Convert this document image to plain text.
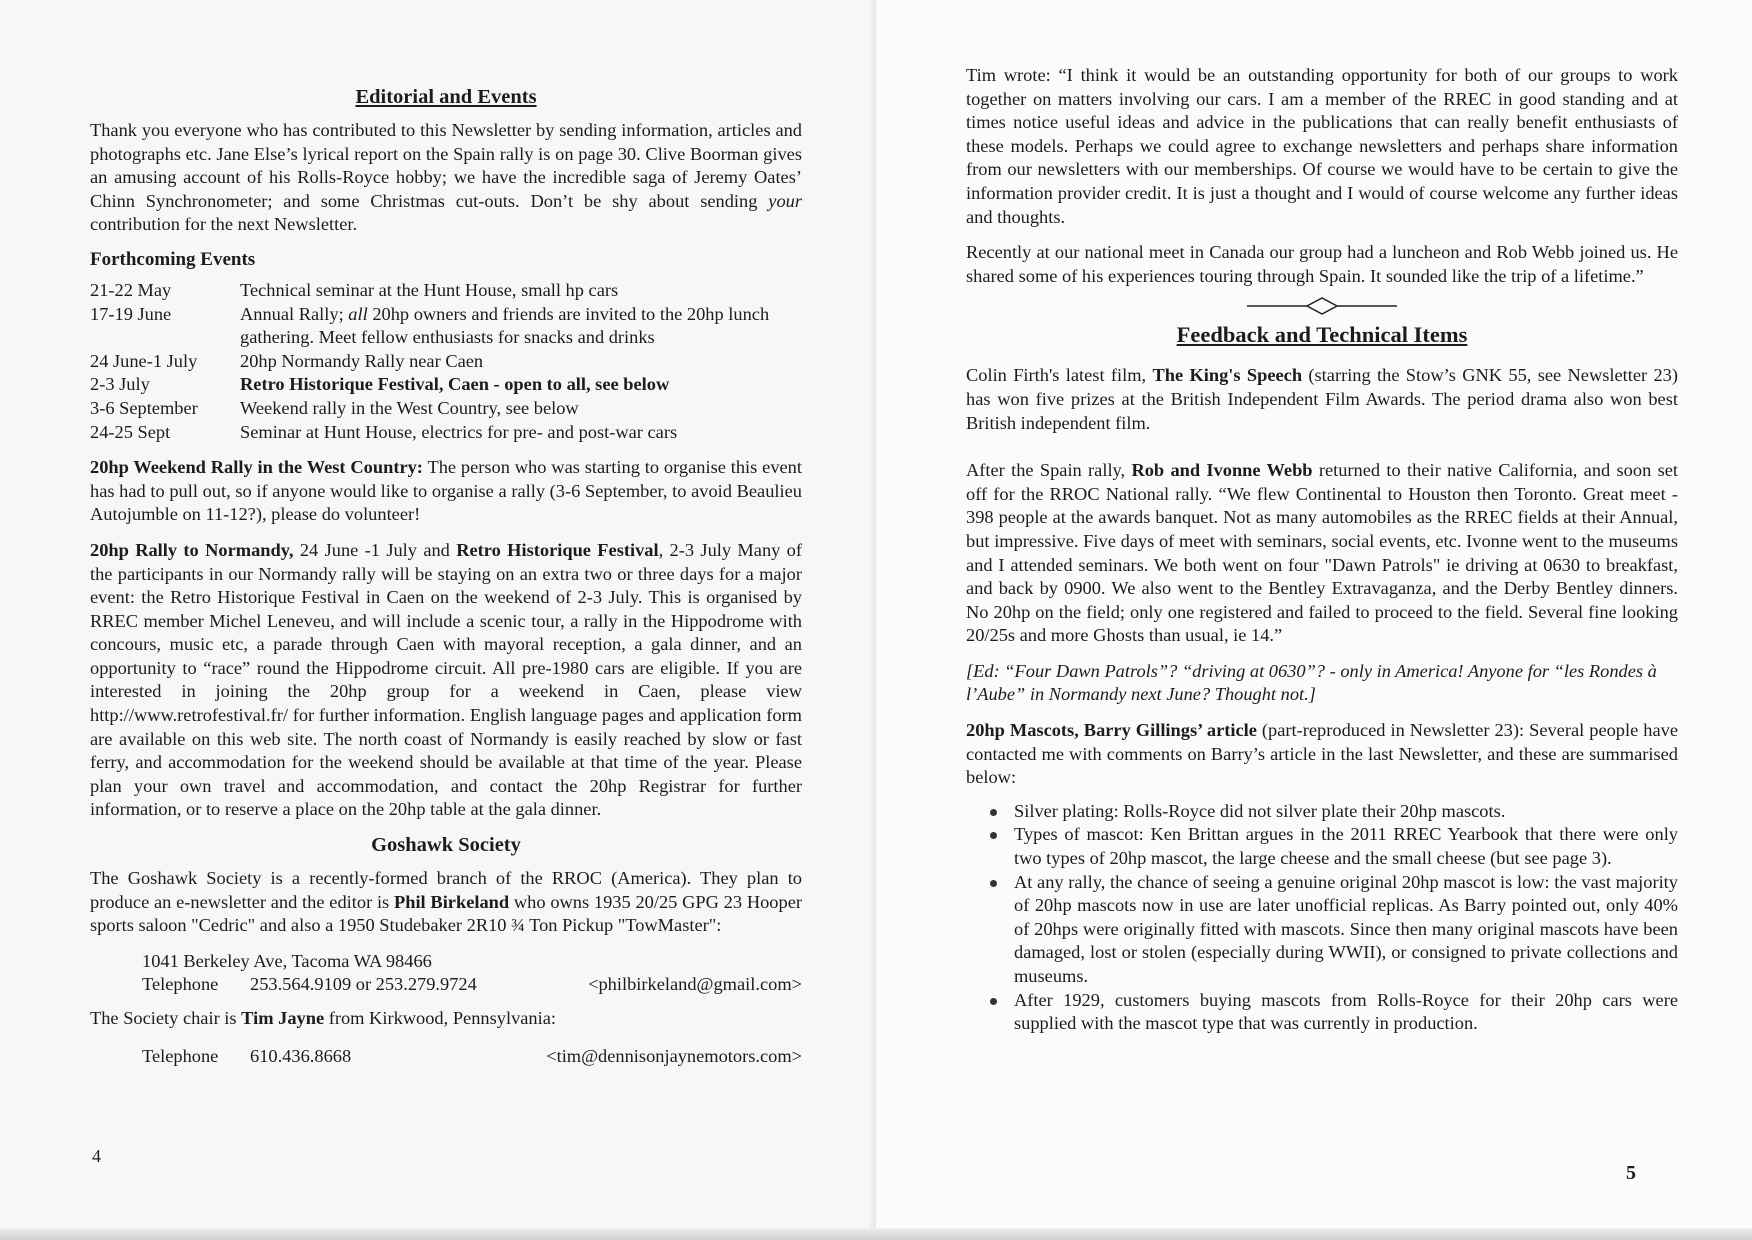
Editorial and Events

Thank you everyone who has contributed to this Newsletter by sending information, articles and photographs etc. Jane Else’s lyrical report on the Spain rally is on page 30. Clive Boorman gives an amusing account of his Rolls-Royce hobby; we have the incredible saga of Jeremy Oates’ Chinn Synchronometer; and some Christmas cut-outs. Don’t be shy about sending your contribution for the next Newsletter.

Forthcoming Events
21-22 May	Technical seminar at the Hunt House, small hp cars
17-19 June	Annual Rally; all 20hp owners and friends are invited to the 20hp lunch gathering. Meet fellow enthusiasts for snacks and drinks
24 June-1 July	20hp Normandy Rally near Caen
2-3 July	Retro Historique Festival, Caen - open to all, see below
3-6 September	Weekend rally in the West Country, see below
24-25 Sept	Seminar at Hunt House, electrics for pre- and post-war cars

20hp Weekend Rally in the West Country: The person who was starting to organise this event has had to pull out, so if anyone would like to organise a rally (3-6 September, to avoid Beaulieu Autojumble on 11-12?), please do volunteer!

20hp Rally to Normandy, 24 June -1 July and Retro Historique Festival, 2-3 July Many of the participants in our Normandy rally will be staying on an extra two or three days for a major event: the Retro Historique Festival in Caen on the weekend of 2-3 July. This is organised by RREC member Michel Leneveu, and will include a scenic tour, a rally in the Hippodrome with concours, music etc, a parade through Caen with mayoral reception, a gala dinner, and an opportunity to “race” round the Hippodrome circuit. All pre-1980 cars are eligible. If you are interested in joining the 20hp group for a weekend in Caen, please view http://www.retrofestival.fr/ for further information. English language pages and application form are available on this web site. The north coast of Normandy is easily reached by slow or fast ferry, and accommodation for the weekend should be available at that time of the year. Please plan your own travel and accommodation, and contact the 20hp Registrar for further information, or to reserve a place on the 20hp table at the gala dinner.

Goshawk Society

The Goshawk Society is a recently-formed branch of the RROC (America). They plan to produce an e-newsletter and the editor is Phil Birkeland who owns 1935 20/25 GPG 23 Hooper sports saloon "Cedric" and also a 1950 Studebaker 2R10 ¾ Ton Pickup "TowMaster":

1041 Berkeley Ave, Tacoma WA 98466
Telephone	253.564.9109 or 253.279.9724	<philbirkeland@gmail.com>

The Society chair is Tim Jayne from Kirkwood, Pennsylvania:

Telephone	610.436.8668	<tim@dennisonjaynemotors.com>
4

Tim wrote: “I think it would be an outstanding opportunity for both of our groups to work together on matters involving our cars. I am a member of the RREC in good standing and at times notice useful ideas and advice in the publications that can really benefit enthusiasts of these models. Perhaps we could agree to exchange newsletters and perhaps share information from our newsletters with our memberships. Of course we would have to be certain to give the information provider credit. It is just a thought and I would of course welcome any further ideas and thoughts.

Recently at our national meet in Canada our group had a luncheon and Rob Webb joined us. He shared some of his experiences touring through Spain. It sounded like the trip of a lifetime.”

Feedback and Technical Items

Colin Firth's latest film, The King's Speech (starring the Stow’s GNK 55, see Newsletter 23) has won five prizes at the British Independent Film Awards. The period drama also won best British independent film.

After the Spain rally, Rob and Ivonne Webb returned to their native California, and soon set off for the RROC National rally. “We flew Continental to Houston then Toronto. Great meet - 398 people at the awards banquet. Not as many automobiles as the RREC fields at their Annual, but impressive. Five days of meet with seminars, social events, etc. Ivonne went to the museums and I attended seminars. We both went on four "Dawn Patrols" ie driving at 0630 to breakfast, and back by 0900. We also went to the Bentley Extravaganza, and the Derby Bentley dinners. No 20hp on the field; only one registered and failed to proceed to the field. Several fine looking 20/25s and more Ghosts than usual, ie 14.”

[Ed: “Four Dawn Patrols”? “driving at 0630”? - only in America! Anyone for “les Rondes à l’Aube” in Normandy next June? Thought not.]

20hp Mascots, Barry Gillings’ article (part-reproduced in Newsletter 23): Several people have contacted me with comments on Barry’s article in the last Newsletter, and these are summarised below:

Silver plating: Rolls-Royce did not silver plate their 20hp mascots.
Types of mascot: Ken Brittan argues in the 2011 RREC Yearbook that there were only two types of 20hp mascot, the large cheese and the small cheese (but see page 3).
At any rally, the chance of seeing a genuine original 20hp mascot is low: the vast majority of 20hp mascots now in use are later unofficial replicas. As Barry pointed out, only 40% of 20hps were originally fitted with mascots. Since then many original mascots have been damaged, lost or stolen (especially during WWII), or consigned to private collections and museums.
After 1929, customers buying mascots from Rolls-Royce for their 20hp cars were supplied with the mascot type that was currently in production.
5
